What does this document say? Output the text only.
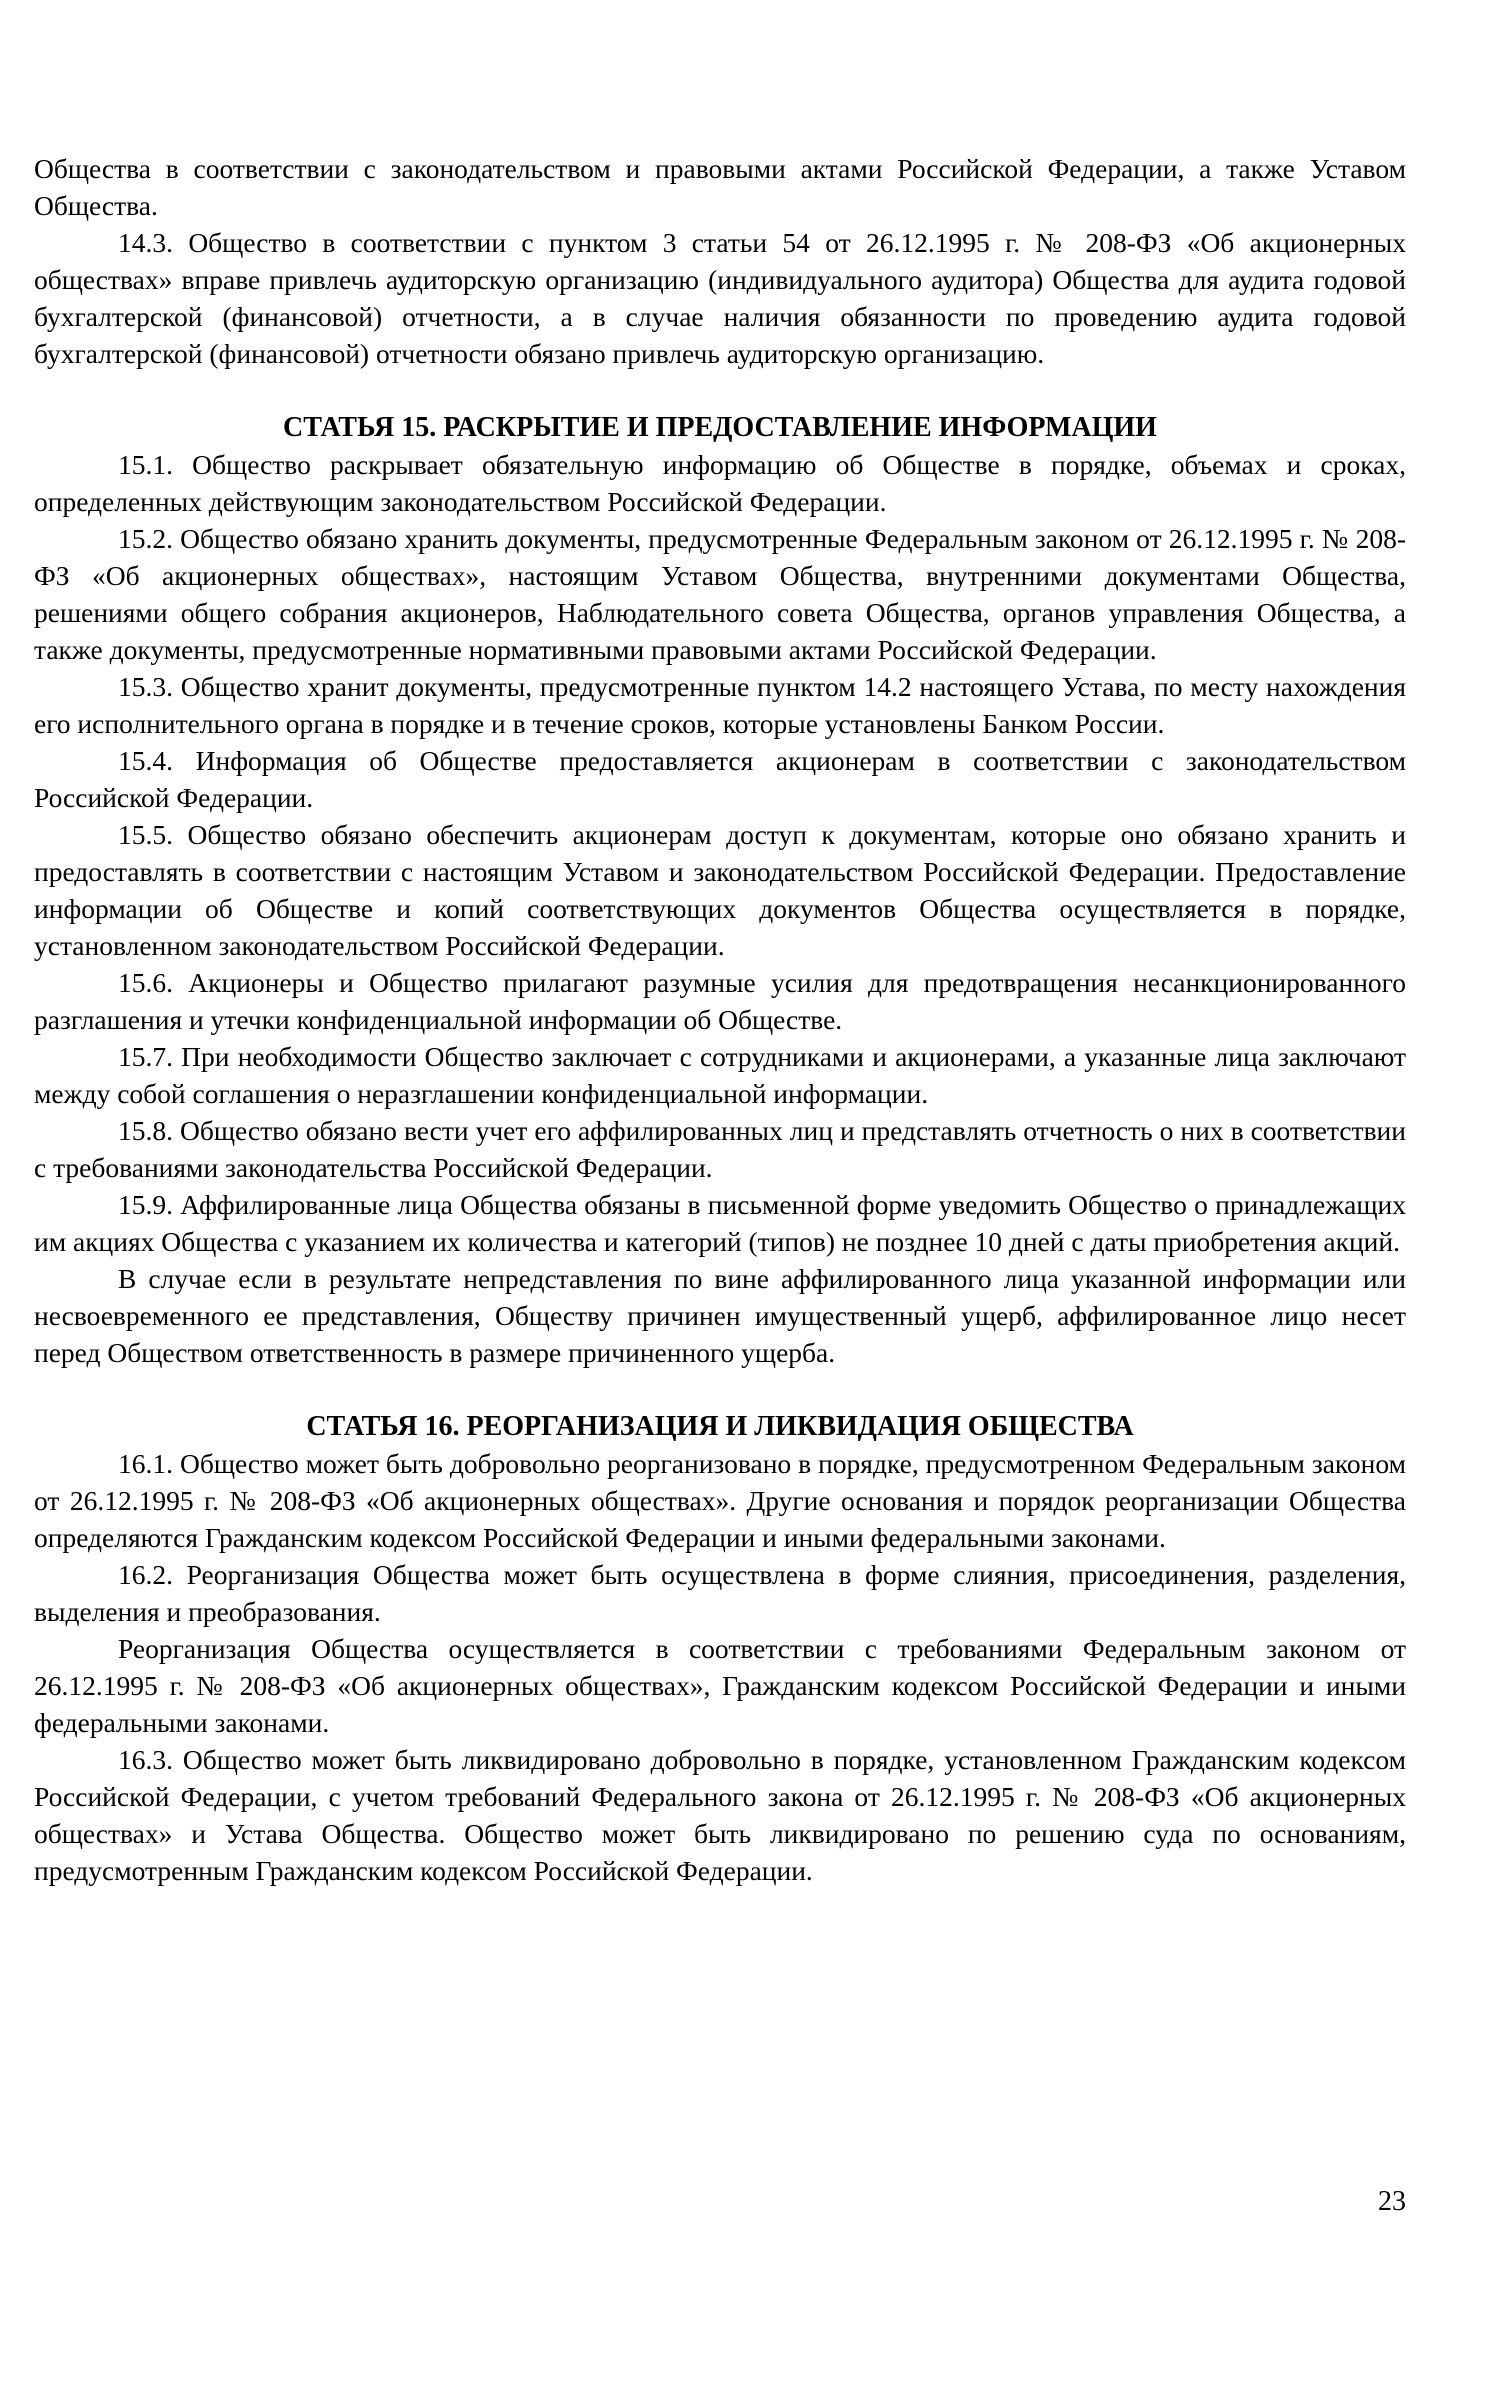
Общества в соответствии с законодательством и правовыми актами Российской Федерации, а также Уставом Общества.

14.3. Общество в соответствии с пунктом 3 статьи 54 от 26.12.1995 г. № 208-ФЗ «Об акционерных обществах» вправе привлечь аудиторскую организацию (индивидуального аудитора) Общества для аудита годовой бухгалтерской (финансовой) отчетности, а в случае наличия обязанности по проведению аудита годовой бухгалтерской (финансовой) отчетности обязано привлечь аудиторскую организацию.

СТАТЬЯ 15. РАСКРЫТИЕ И ПРЕДОСТАВЛЕНИЕ ИНФОРМАЦИИ

15.1. Общество раскрывает обязательную информацию об Обществе в порядке, объемах и сроках, определенных действующим законодательством Российской Федерации.

15.2. Общество обязано хранить документы, предусмотренные Федеральным законом от 26.12.1995 г. № 208-ФЗ «Об акционерных обществах», настоящим Уставом Общества, внутренними документами Общества, решениями общего собрания акционеров, Наблюдательного совета Общества, органов управления Общества, а также документы, предусмотренные нормативными правовыми актами Российской Федерации.

15.3. Общество хранит документы, предусмотренные пунктом 14.2 настоящего Устава, по месту нахождения его исполнительного органа в порядке и в течение сроков, которые установлены Банком России.

15.4. Информация об Обществе предоставляется акционерам в соответствии с законодательством Российской Федерации.

15.5. Общество обязано обеспечить акционерам доступ к документам, которые оно обязано хранить и предоставлять в соответствии с настоящим Уставом и законодательством Российской Федерации. Предоставление информации об Обществе и копий соответствующих документов Общества осуществляется в порядке, установленном законодательством Российской Федерации.

15.6. Акционеры и Общество прилагают разумные усилия для предотвращения несанкционированного разглашения и утечки конфиденциальной информации об Обществе.

15.7. При необходимости Общество заключает с сотрудниками и акционерами, а указанные лица заключают между собой соглашения о неразглашении конфиденциальной информации.

15.8. Общество обязано вести учет его аффилированных лиц и представлять отчетность о них в соответствии с требованиями законодательства Российской Федерации.

15.9. Аффилированные лица Общества обязаны в письменной форме уведомить Общество о принадлежащих им акциях Общества с указанием их количества и категорий (типов) не позднее 10 дней с даты приобретения акций.

В случае если в результате непредставления по вине аффилированного лица указанной информации или несвоевременного ее представления, Обществу причинен имущественный ущерб, аффилированное лицо несет перед Обществом ответственность в размере причиненного ущерба.

СТАТЬЯ 16. РЕОРГАНИЗАЦИЯ И ЛИКВИДАЦИЯ ОБЩЕСТВА

16.1. Общество может быть добровольно реорганизовано в порядке, предусмотренном Федеральным законом от 26.12.1995 г. № 208-ФЗ «Об акционерных обществах». Другие основания и порядок реорганизации Общества определяются Гражданским кодексом Российской Федерации и иными федеральными законами.

16.2. Реорганизация Общества может быть осуществлена в форме слияния, присоединения, разделения, выделения и преобразования.

Реорганизация Общества осуществляется в соответствии с требованиями Федеральным законом от 26.12.1995 г. № 208-ФЗ «Об акционерных обществах», Гражданским кодексом Российской Федерации и иными федеральными законами.

16.3. Общество может быть ликвидировано добровольно в порядке, установленном Гражданским кодексом Российской Федерации, с учетом требований Федерального закона от 26.12.1995 г. № 208-ФЗ «Об акционерных обществах» и Устава Общества. Общество может быть ликвидировано по решению суда по основаниям, предусмотренным Гражданским кодексом Российской Федерации.

23
